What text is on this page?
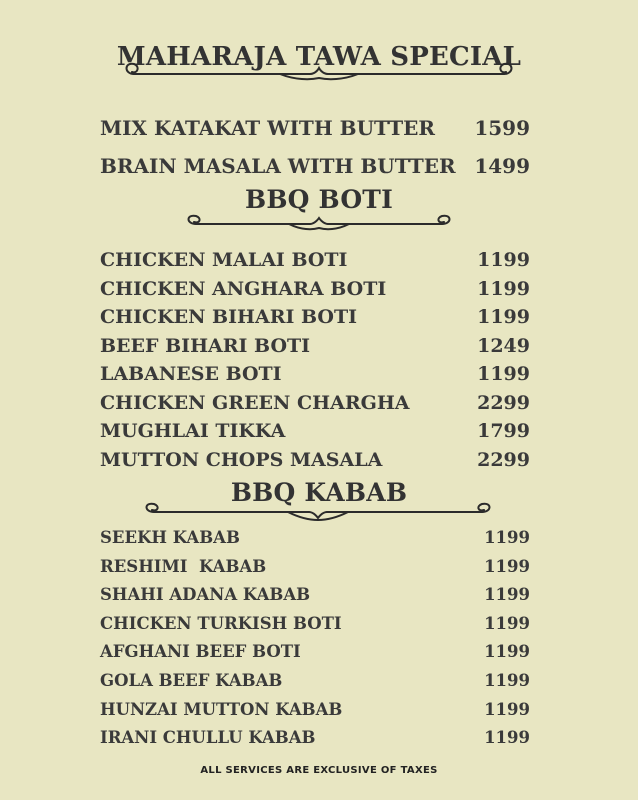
MAHARAJA TAWA SPECIAL
MIX KATAKAT WITH BUTTER 1599
BRAIN MASALA WITH BUTTER 1499
BBQ BOTI
CHICKEN MALAI BOTI	1199
CHICKEN ANGHARA BOTI	1199
CHICKEN BIHARI BOTI	1199
BEEF BIHARI BOTI	1249
LABANESE BOTI	1199
CHICKEN GREEN CHARGHA	2299
MUGHLAI TIKKA	1799
MUTTON CHOPS MASALA	2299
BBQ KABAB
SEEKH KABAB	1199
RESHIMI  KABAB	1199
SHAHI ADANA KABAB	1199
CHICKEN TURKISH BOTI	1199
AFGHANI BEEF BOTI	1199
GOLA BEEF KABAB	1199
HUNZAI MUTTON KABAB	1199
IRANI CHULLU KABAB	1199
ALL SERVICES ARE EXCLUSIVE OF TAXES
